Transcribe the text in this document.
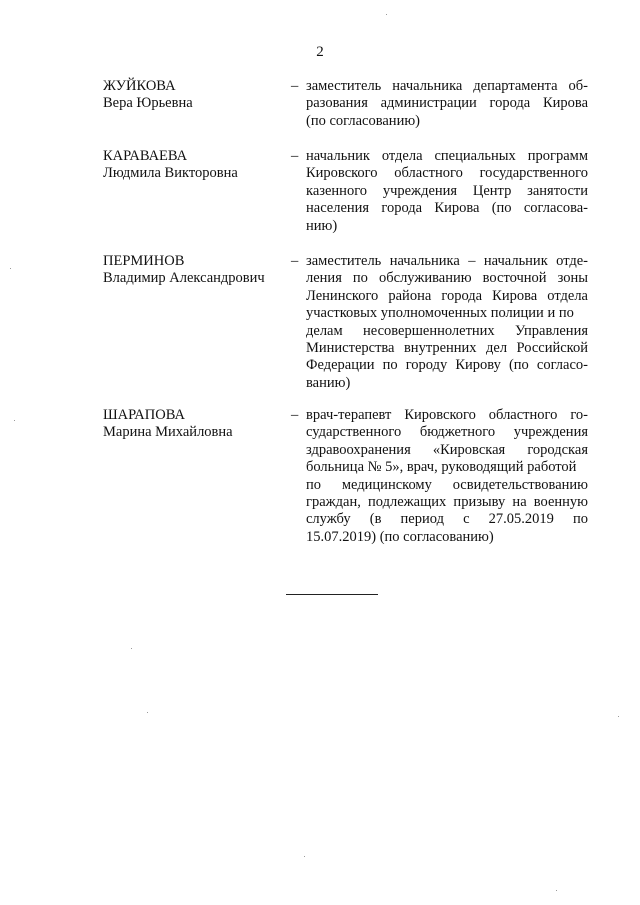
2
ЖУЙКОВА
Вера Юрьевна
– заместитель начальника департамента об-
разования администрации города Кирова
(по согласованию)
КАРАВАЕВА
Людмила Викторовна
– начальник отдела специальных программ
Кировского областного государственного
казенного учреждения Центр занятости
населения города Кирова (по согласова-
нию)
ПЕРМИНОВ
Владимир Александрович
– заместитель начальника – начальник отде-
ления по обслуживанию восточной зоны
Ленинского района города Кирова отдела
участковых уполномоченных полиции и по
делам несовершеннолетних Управления
Министерства внутренних дел Российской
Федерации по городу Кирову (по согласо-
ванию)
ШАРАПОВА
Марина Михайловна
– врач-терапевт Кировского областного го-
сударственного бюджетного учреждения
здравоохранения «Кировская городская
больница № 5», врач, руководящий работой
по медицинскому освидетельствованию
граждан, подлежащих призыву на военную
службу (в период с 27.05.2019 по
15.07.2019) (по согласованию)
